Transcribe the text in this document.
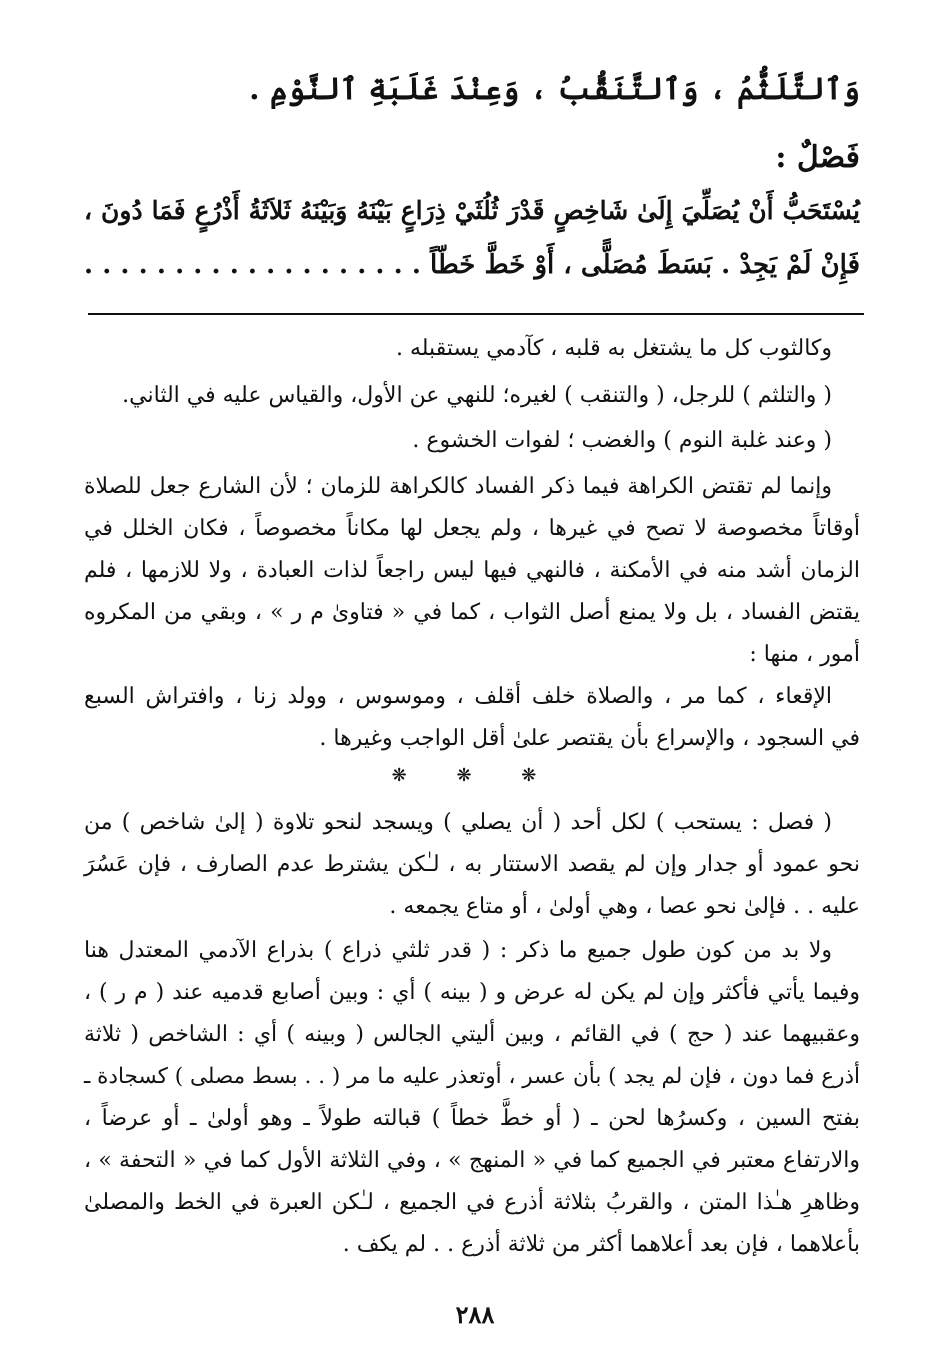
وَٱلتَّلَثُّمُ ، وَٱلتَّنَقُّبُ ، وَعِنْدَ غَلَبَةِ ٱلنَّوْمِ .
فَصْلٌ :
يُسْتَحَبُّ أَنْ يُصَلِّيَ إِلَىٰ شَاخِصٍ قَدْرَ ثُلُثَيْ ذِرَاعٍ بَيْنَهُ وَبَيْنَهُ ثَلاَثَةُ أَذْرُعٍ فَمَا دُونَ ،
فَإِنْ لَمْ يَجِدْ . بَسَطَ مُصَلًّى ، أَوْ خَطَّ خَطّاً . . . . . . . . . . . . . . . . . . .
وكالثوب كل ما يشتغل به قلبه ، كآدمي يستقبله .
( والتلثم ) للرجل، ( والتنقب ) لغيره؛ للنهي عن الأول، والقياس عليه في الثاني.
( وعند غلبة النوم ) والغضب ؛ لفوات الخشوع .
وإنما لم تقتض الكراهة فيما ذكر الفساد كالكراهة للزمان ؛ لأن الشارع جعل للصلاة
أوقاتاً مخصوصة لا تصح في غيرها ، ولم يجعل لها مكاناً مخصوصاً ، فكان الخلل في
الزمان أشد منه في الأمكنة ، فالنهي فيها ليس راجعاً لذات العبادة ، ولا للازمها ، فلم
يقتض الفساد ، بل ولا يمنع أصل الثواب ، كما في « فتاوىٰ م ر » ، وبقي من المكروه
أمور ، منها :
الإقعاء ، كما مر ، والصلاة خلف أقلف ، وموسوس ، وولد زنا ، وافتراش السبع
في السجود ، والإسراع بأن يقتصر علىٰ أقل الواجب وغيرها .
❋ ❋ ❋
( فصل : يستحب ) لكل أحد ( أن يصلي ) ويسجد لنحو تلاوة ( إلىٰ شاخص ) من
نحو عمود أو جدار وإن لم يقصد الاستتار به ، لـٰكن يشترط عدم الصارف ، فإن عَسُرَ
عليه . . فإلىٰ نحو عصا ، وهي أولىٰ ، أو متاع يجمعه .
ولا بد من كون طول جميع ما ذكر : ( قدر ثلثي ذراع ) بذراع الآدمي المعتدل هنا
وفيما يأتي فأكثر وإن لم يكن له عرض و ( بينه ) أي : وبين أصابع قدميه عند ( م ر ) ،
وعقبيهما عند ( حج ) في القائم ، وبين أليتي الجالس ( وبينه ) أي : الشاخص ( ثلاثة
أذرع فما دون ، فإن لم يجد ) بأن عسر ، أوتعذر عليه ما مر ( . . بسط مصلى ) كسجادة ـ
بفتح السين ، وكسرُها لحن ـ ( أو خطَّ خطاً ) قبالته طولاً ـ وهو أولىٰ ـ أو عرضاً ،
والارتفاع معتبر في الجميع كما في « المنهج » ، وفي الثلاثة الأول كما في « التحفة » ،
وظاهرِ هـٰذا المتن ، والقربُ بثلاثة أذرع في الجميع ، لـٰكن العبرة في الخط والمصلىٰ
بأعلاهما ، فإن بعد أعلاهما أكثر من ثلاثة أذرع . . لم يكف .
٢٨٨
